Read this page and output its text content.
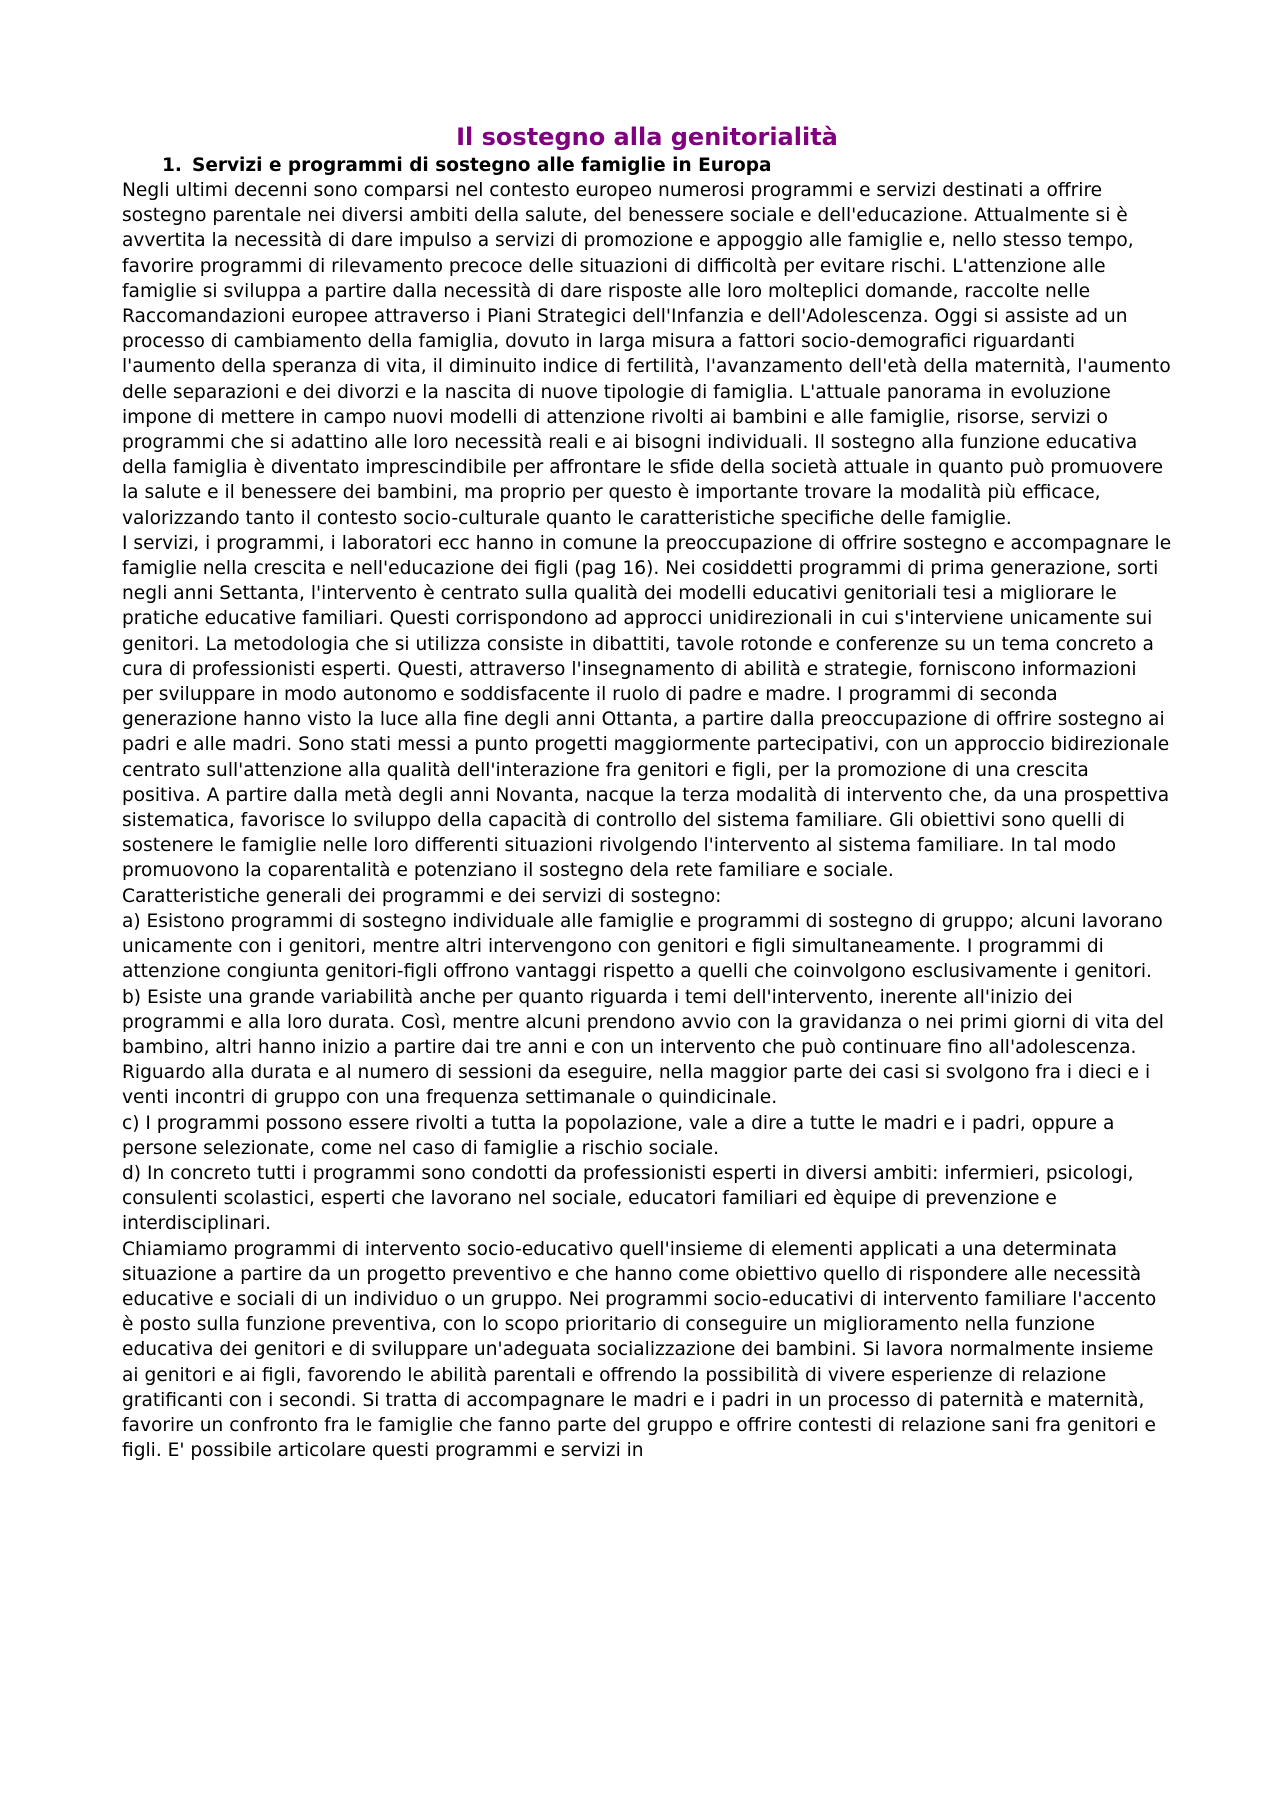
Il sostegno alla genitorialità
1. Servizi e programmi di sostegno alle famiglie in Europa

Negli ultimi decenni sono comparsi nel contesto europeo numerosi programmi e servizi destinati a offrire sostegno parentale nei diversi ambiti della salute, del benessere sociale e dell'educazione. Attualmente si è avvertita la necessità di dare impulso a servizi di promozione e appoggio alle famiglie e, nello stesso tempo, favorire programmi di rilevamento precoce delle situazioni di difficoltà per evitare rischi. L'attenzione alle famiglie si sviluppa a partire dalla necessità di dare risposte alle loro molteplici domande, raccolte nelle Raccomandazioni europee attraverso i Piani Strategici dell'Infanzia e dell'Adolescenza. Oggi si assiste ad un processo di cambiamento della famiglia, dovuto in larga misura a fattori socio-demografici riguardanti l'aumento della speranza di vita, il diminuito indice di fertilità, l'avanzamento dell'età della maternità, l'aumento delle separazioni e dei divorzi e la nascita di nuove tipologie di famiglia. L'attuale panorama in evoluzione impone di mettere in campo nuovi modelli di attenzione rivolti ai bambini e alle famiglie, risorse, servizi o programmi che si adattino alle loro necessità reali e ai bisogni individuali. Il sostegno alla funzione educativa della famiglia è diventato imprescindibile per affrontare le sfide della società attuale in quanto può promuovere la salute e il benessere dei bambini, ma proprio per questo è importante trovare la modalità più efficace, valorizzando tanto il contesto socio-culturale quanto le caratteristiche specifiche delle famiglie.

I servizi, i programmi, i laboratori ecc hanno in comune la preoccupazione di offrire sostegno e accompagnare le famiglie nella crescita e nell'educazione dei figli (pag 16). Nei cosiddetti programmi di prima generazione, sorti negli anni Settanta, l'intervento è centrato sulla qualità dei modelli educativi genitoriali tesi a migliorare le pratiche educative familiari. Questi corrispondono ad approcci unidirezionali in cui s'interviene unicamente sui genitori. La metodologia che si utilizza consiste in dibattiti, tavole rotonde e conferenze su un tema concreto a cura di professionisti esperti. Questi, attraverso l'insegnamento di abilità e strategie, forniscono informazioni per sviluppare in modo autonomo e soddisfacente il ruolo di padre e madre. I programmi di seconda generazione hanno visto la luce alla fine degli anni Ottanta, a partire dalla preoccupazione di offrire sostegno ai padri e alle madri. Sono stati messi a punto progetti maggiormente partecipativi, con un approccio bidirezionale centrato sull'attenzione alla qualità dell'interazione fra genitori e figli, per la promozione di una crescita positiva. A partire dalla metà degli anni Novanta, nacque la terza modalità di intervento che, da una prospettiva sistematica, favorisce lo sviluppo della capacità di controllo del sistema familiare. Gli obiettivi sono quelli di sostenere le famiglie nelle loro differenti situazioni rivolgendo l'intervento al sistema familiare. In tal modo promuovono la coparentalità e potenziano il sostegno dela rete familiare e sociale.

Caratteristiche generali dei programmi e dei servizi di sostegno:

a) Esistono programmi di sostegno individuale alle famiglie e programmi di sostegno di gruppo; alcuni lavorano unicamente con i genitori, mentre altri intervengono con genitori e figli simultaneamente. I programmi di attenzione congiunta genitori-figli offrono vantaggi rispetto a quelli che coinvolgono esclusivamente i genitori.

b) Esiste una grande variabilità anche per quanto riguarda i temi dell'intervento, inerente all'inizio dei programmi e alla loro durata. Così, mentre alcuni prendono avvio con la gravidanza o nei primi giorni di vita del bambino, altri hanno inizio a partire dai tre anni e con un intervento che può continuare fino all'adolescenza. Riguardo alla durata e al numero di sessioni da eseguire, nella maggior parte dei casi si svolgono fra i dieci e i venti incontri di gruppo con una frequenza settimanale o quindicinale.

c) I programmi possono essere rivolti a tutta la popolazione, vale a dire a tutte le madri e i padri, oppure a persone selezionate, come nel caso di famiglie a rischio sociale.

d) In concreto tutti i programmi sono condotti da professionisti esperti in diversi ambiti: infermieri, psicologi, consulenti scolastici, esperti che lavorano nel sociale, educatori familiari ed èquipe di prevenzione e interdisciplinari.

Chiamiamo programmi di intervento socio-educativo quell'insieme di elementi applicati a una determinata situazione a partire da un progetto preventivo e che hanno come obiettivo quello di rispondere alle necessità educative e sociali di un individuo o un gruppo. Nei programmi socio-educativi di intervento familiare l'accento è posto sulla funzione preventiva, con lo scopo prioritario di conseguire un miglioramento nella funzione educativa dei genitori e di sviluppare un'adeguata socializzazione dei bambini. Si lavora normalmente insieme ai genitori e ai figli, favorendo le abilità parentali e offrendo la possibilità di vivere esperienze di relazione gratificanti con i secondi. Si tratta di accompagnare le madri e i padri in un processo di paternità e maternità, favorire un confronto fra le famiglie che fanno parte del gruppo e offrire contesti di relazione sani fra genitori e figli. E' possibile articolare questi programmi e servizi in
